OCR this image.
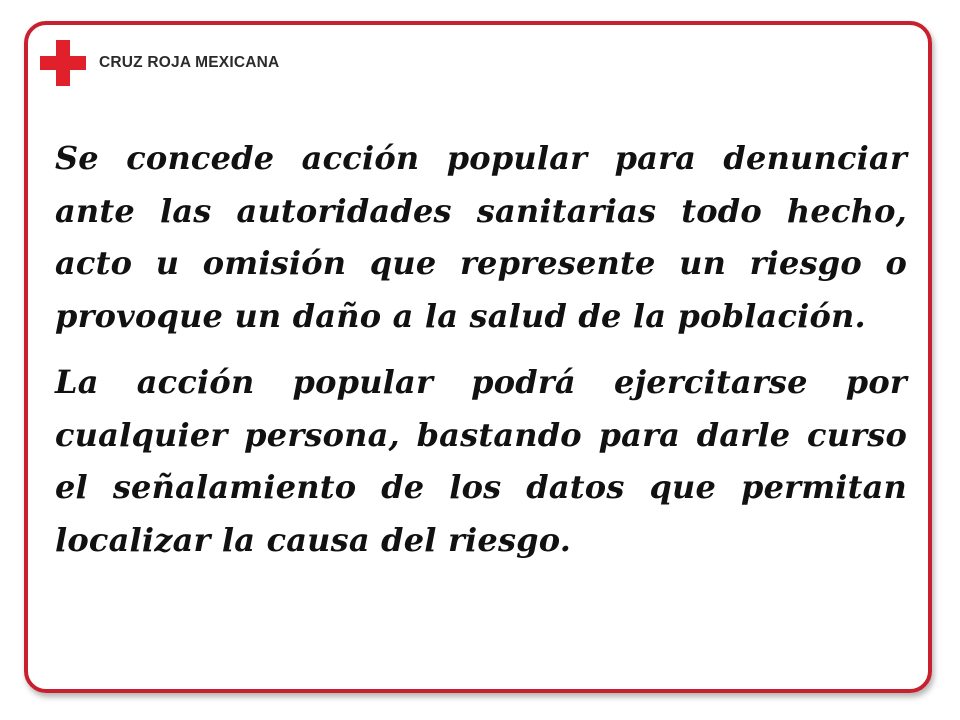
CRUZ ROJA MEXICANA

Se concede acción popular para denunciar ante las autoridades sanitarias todo hecho, acto u omisión que represente un riesgo o provoque un daño a la salud de la población.

La acción popular podrá ejercitarse por cualquier persona, bastando para darle curso el señalamiento de los datos que permitan localizar la causa del riesgo.
